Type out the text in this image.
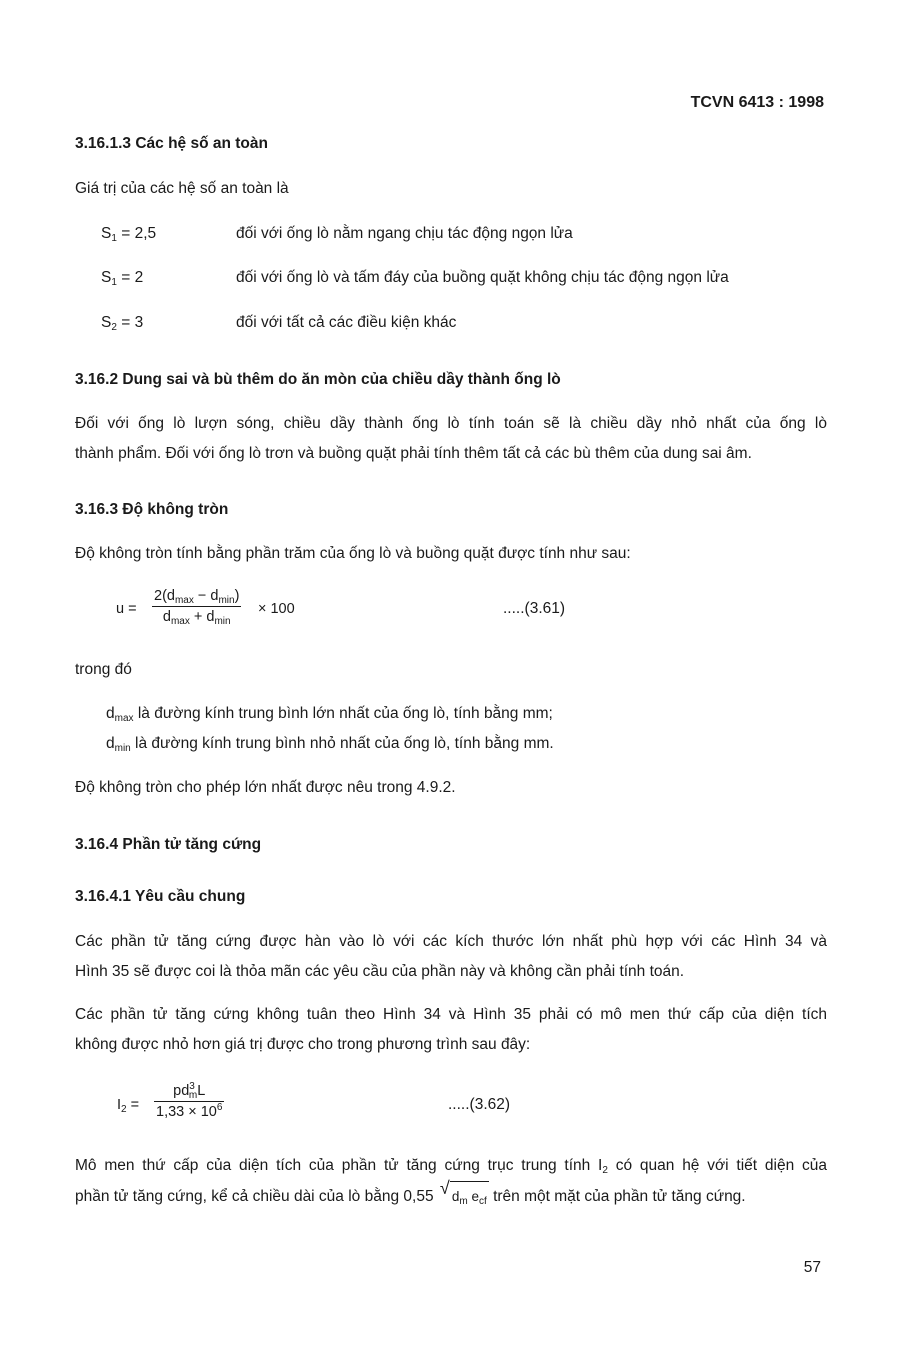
TCVN 6413 : 1998
3.16.1.3 Các hệ số an toàn
Giá trị của các hệ số an toàn là
$S_1 = 2,5$	đối với ống lò nằm ngang chịu tác động ngọn lửa
$S_1 = 2$	đối với ống lò và tấm đáy của buồng quặt không chịu tác động ngọn lửa
$S_2 = 3$	đối với tất cả các điều kiện khác
3.16.2 Dung sai và bù thêm do ăn mòn của chiều dầy thành ống lò
Đối với ống lò lượn sóng, chiều dầy thành ống lò tính toán sẽ là chiều dầy nhỏ nhất của ống lò
thành phẩm. Đối với ống lò trơn và buồng quặt phải tính thêm tất cả các bù thêm của dung sai âm.
3.16.3 Độ không tròn
Độ không tròn tính bằng phần trăm của ống lò và buồng quặt được tính như sau:
u =
$2(d_{max} - d_{min})$
$d_{max} + d_{min}$
× 100	.....(3.61)
trong đó
$d_{max}$ là đường kính trung bình lớn nhất của ống lò, tính bằng mm;
$d_{min}$ là đường kính trung bình nhỏ nhất của ống lò, tính bằng mm.
Độ không tròn cho phép lớn nhất được nêu trong 4.9.2.
3.16.4 Phần tử tăng cứng
3.16.4.1 Yêu cầu chung
Các phần tử tăng cứng được hàn vào lò với các kích thước lớn nhất phù hợp với các Hình 34 và
Hình 35 sẽ được coi là thỏa mãn các yêu cầu của phần này và không cần phải tính toán.
Các phần tử tăng cứng không tuân theo Hình 34 và Hình 35 phải có mô men thứ cấp của diện tích
không được nhỏ hơn giá trị được cho trong phương trình sau đây:
$I_2 = \frac{pd^3_mL}{1,33 \times 10^6}$	.....(3.62)
Mô men thứ cấp của diện tích của phần tử tăng cứng trục trung tính $I_2$ có quan hệ với tiết diện của
phần tử tăng cứng, kể cả chiều dài của lò bằng 0,55 √ $d_m$ $e_{cf}$ trên một mặt của phần tử tăng cứng.
57
